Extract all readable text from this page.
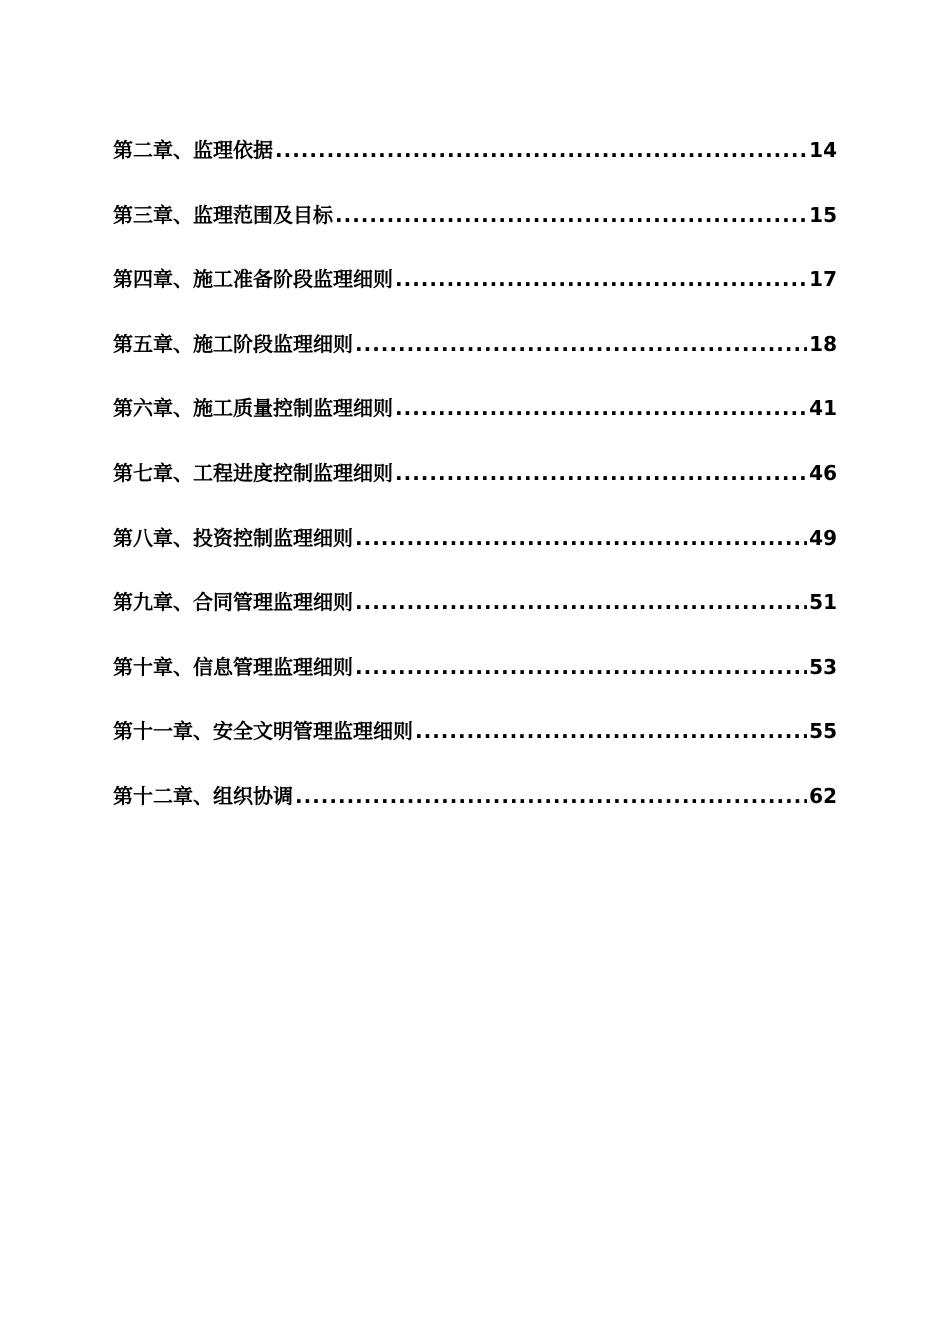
第二章、监理依据 .....	14
第三章、监理范围及目标 .....	15
第四章、施工准备阶段监理细则 .....	17
第五章、施工阶段监理细则 .....	18
第六章、施工质量控制监理细则 .....	41
第七章、工程进度控制监理细则 .....	46
第八章、投资控制监理细则 .....	49
第九章、合同管理监理细则 .....	51
第十章、信息管理监理细则 .....	53
第十一章、安全文明管理监理细则 .....	55
第十二章、组织协调 .....	62
